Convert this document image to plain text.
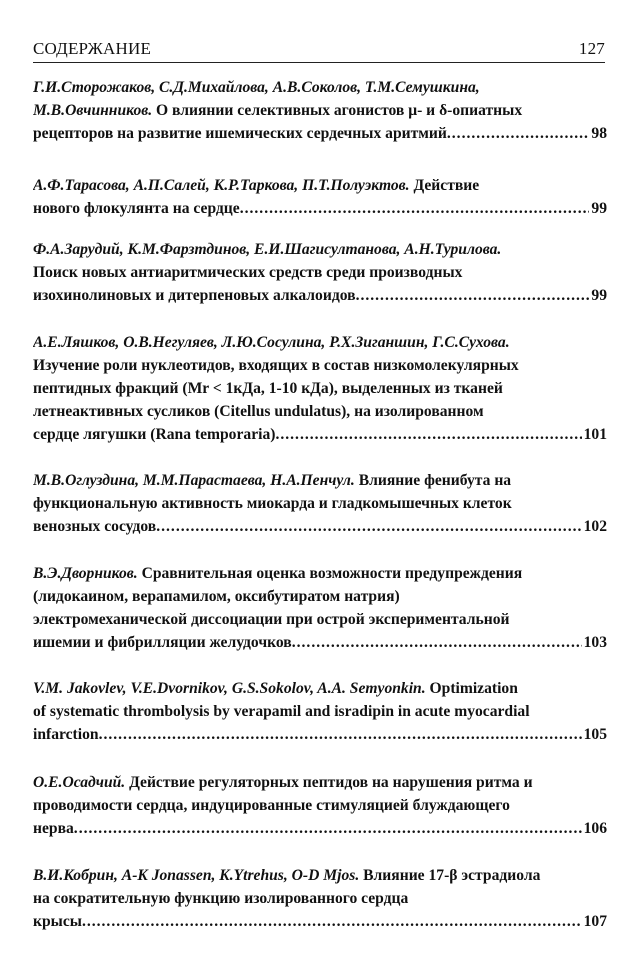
СОДЕРЖАНИЕ	127
Г.И.Сторожаков, С.Д.Михайлова, А.В.Соколов, Т.М.Семушкина,
М.В.Овчинников. О влиянии селективных агонистов μ- и δ-опиатных
рецепторов на развитие ишемических сердечных аритмий .....	98
А.Ф.Тарасова, А.П.Салей, К.Р.Таркова, П.Т.Полуэктов. Действие
нового флокулянта на сердце .....	99
Ф.А.Зарудий, К.М.Фарзтдинов, Е.И.Шагисултанова, А.Н.Турилова.
Поиск новых антиаритмических средств среди производных
изохинолиновых и дитерпеновых алкалоидов .....	99
А.Е.Ляшков, О.В.Негуляев, Л.Ю.Сосулина, Р.Х.Зиганшин, Г.С.Сухова.
Изучение роли нуклеотидов, входящих в состав низкомолекулярных
пептидных фракций (Mr < 1кДа, 1-10 кДа), выделенных из тканей
летнеактивных сусликов (Citellus undulatus), на изолированном
сердце лягушки (Rana temporaria) .....	101
М.В.Оглуздина, М.М.Парастаева, Н.А.Пенчул. Влияние фенибута на
функциональную активность миокарда и гладкомышечных клеток
венозных сосудов .....	102
В.Э.Дворников. Сравнительная оценка возможности предупреждения
(лидокаином, верапамилом, оксибутиратом натрия)
электромеханической диссоциации при острой экспериментальной
ишемии и фибрилляции желудочков .....	103
V.M. Jakovlev, V.E.Dvornikov, G.S.Sokolov, A.A. Semyonkin. Optimization
of systematic thrombolysis by verapamil and isradipin in acute myocardial
infarction .....	105
О.Е.Осадчий. Действие регуляторных пептидов на нарушения ритма и
проводимости сердца, индуцированные стимуляцией блуждающего
нерва .....	106
В.И.Кобрин, A-K Jonassen, K.Ytrehus, O-D Mjos. Влияние 17-β эстрадиола
на сократительную функцию изолированного сердца
крысы .....	107
